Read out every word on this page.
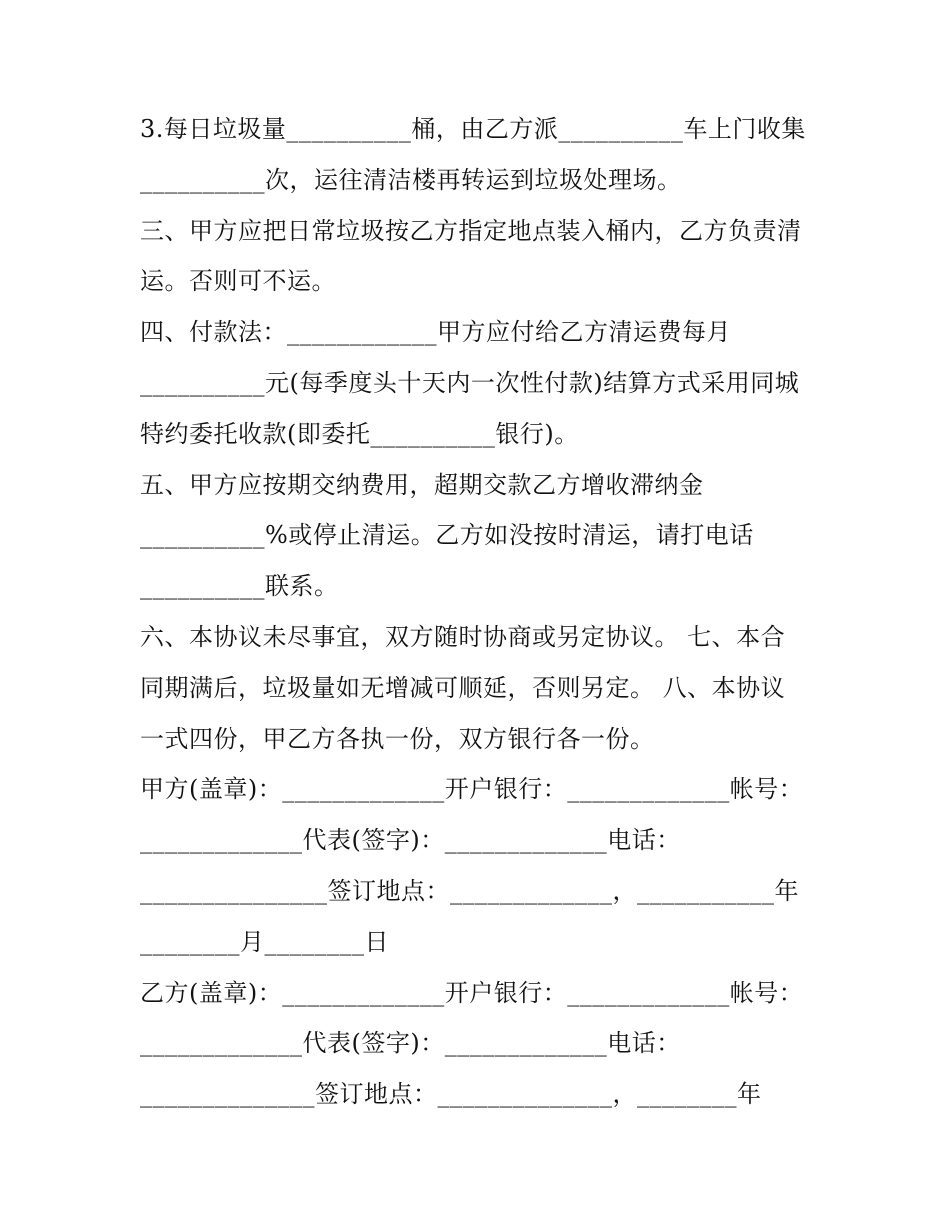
3.每日垃圾量__________桶，由乙方派__________车上门收集
__________次，运往清洁楼再转运到垃圾处理场。
三、甲方应把日常垃圾按乙方指定地点装入桶内，乙方负责清
运。否则可不运。
四、付款法：____________甲方应付给乙方清运费每月
__________元(每季度头十天内一次性付款)结算方式采用同城
特约委托收款(即委托__________银行)。
五、甲方应按期交纳费用，超期交款乙方增收滞纳金
__________%或停止清运。乙方如没按时清运，请打电话
__________联系。
六、本协议未尽事宜，双方随时协商或另定协议。 七、本合
同期满后，垃圾量如无增减可顺延，否则另定。 八、本协议
一式四份，甲乙方各执一份，双方银行各一份。
甲方(盖章)：_____________开户银行：_____________帐号：
_____________代表(签字)：_____________电话：
_______________签订地点：_____________，___________年
________月________日
乙方(盖章)：_____________开户银行：_____________帐号：
_____________代表(签字)：_____________电话：
______________签订地点：______________，________年
